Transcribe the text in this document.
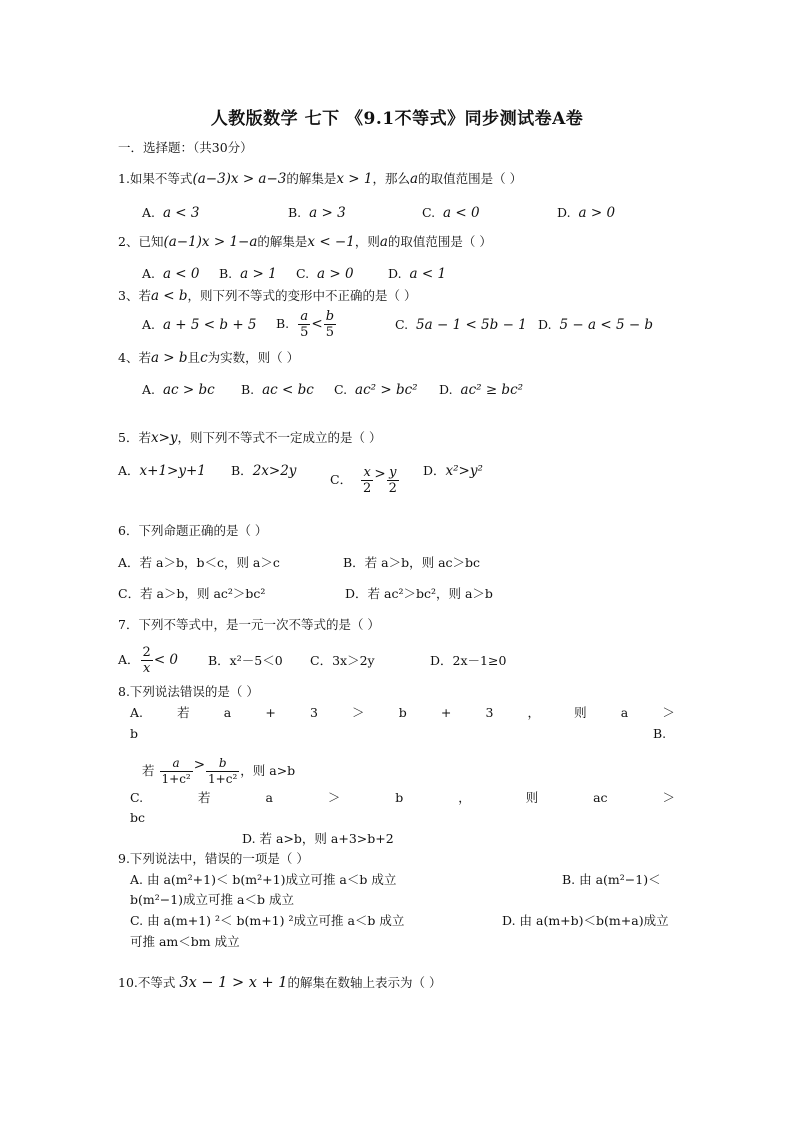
人教版数学 七下 《9.1不等式》同步测试卷A卷
一．选择题：（共30分）
1.如果不等式(a−3)x > a−3的解集是x > 1，那么a的取值范围是（ ）
A. a < 3	B. a > 3	C. a < 0	D. a > 0
2、已知(a−1)x > 1−a的解集是x < −1，则a的取值范围是（ ）
A. a < 0 B. a > 1 C. a > 0	D. a < 1
3、若a < b，则下列不等式的变形中不正确的是（ ）
A. a + 5 < b + 5 B. $\frac{a}{5} < \frac{b}{5}$	C. 5a − 1 < 5b − 1 D. 5 − a < 5 − b
4、若a > b且c为实数，则（ ）
A. ac > bc B. ac < bc C. ac² > bc² D. ac² ≥ bc²
5．若x>y，则下列不等式不一定成立的是（ ）
A．x+1>y+1 B．2x>2y
C． $\frac{x}{2} > \frac{y}{2}$ D．x²>y²
6．下列命题正确的是（ ）
A．若 a＞b，b＜c，则 a＞c	B．若 a＞b，则 ac＞bc
C．若 a＞b，则 ac²＞bc²	D．若 ac²＞bc²，则 a＞b
7．下列不等式中，是一元一次不等式的是（ ）
A． $\frac{2}{x} < 0$ B．x²－5＜0 C．3x＞2y	D．2x－1≥0
8.下列说法错误的是（ ）
A.	若	a	+	3	＞	b	+	3	，	则	a	＞
b	B.
若 $\frac{a}{\text{1+c²}} > \frac{b}{\text{1+c²}}$ ，则 a>b
C.	若	a	＞	b	，	则	ac	＞
bc
D. 若 a>b，则 a+3>b+2
9.下列说法中，错误的一项是（ ）
A. 由 a(m²+1)＜ b(m²+1)成立可推 a＜b 成立	B. 由 a(m²−1)＜
b(m²−1)成立可推 a＜b 成立
C. 由 a(m+1) ²＜ b(m+1) ²成立可推 a＜b 成立	D. 由 a(m+b)＜b(m+a)成立
可推 am＜bm 成立
10.不等式 3x − 1 > x + 1的解集在数轴上表示为（ ）
